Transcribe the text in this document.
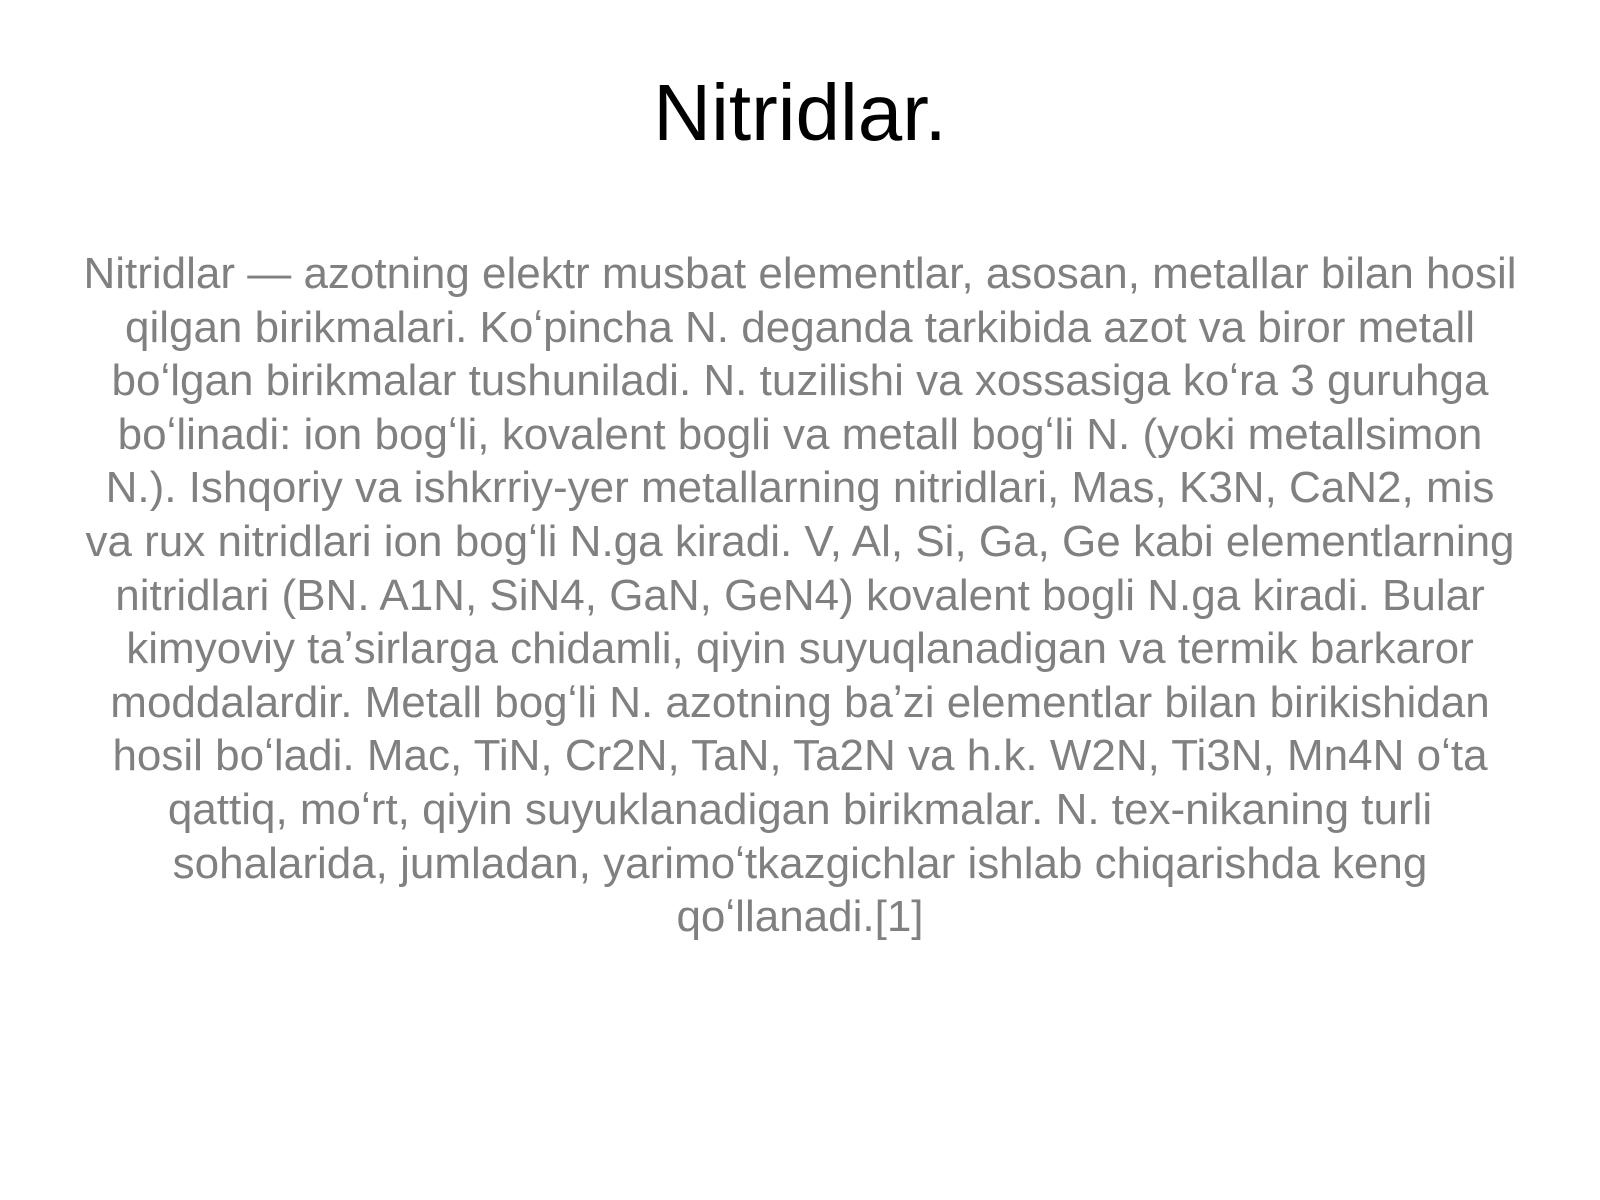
Nitridlar.

Nitridlar — azotning elektr musbat elementlar, asosan, metallar bilan hosil qilgan birikmalari. Koʻpincha N. deganda tarkibida azot va biror metall boʻlgan birikmalar tushuniladi. N. tuzilishi va xossasiga koʻra 3 guruhga boʻlinadi: ion bogʻli, kovalent bogli va metall bogʻli N. (yoki metallsimon N.). Ishqoriy va ishkrriy-yer metallarning nitridlari, Mas, K3N, CaN2, mis va rux nitridlari ion bogʻli N.ga kiradi. V, Al, Si, Ga, Ge kabi elementlarning nitridlari (BN. A1N, SiN4, GaN, GeN4) kovalent bogli N.ga kiradi. Bular kimyoviy taʼsirlarga chidamli, qiyin suyuqlanadigan va termik barkaror moddalardir. Metall bogʻli N. azotning baʼzi elementlar bilan birikishidan hosil boʻladi. Mac, TiN, Cr2N, TaN, Ta2N va h.k. W2N, Ti3N, Mn4N oʻta qattiq, moʻrt, qiyin suyuklanadigan birikmalar. N. tex-nikaning turli sohalarida, jumladan, yarimoʻtkazgichlar ishlab chiqarishda keng qoʻllanadi.[1]
